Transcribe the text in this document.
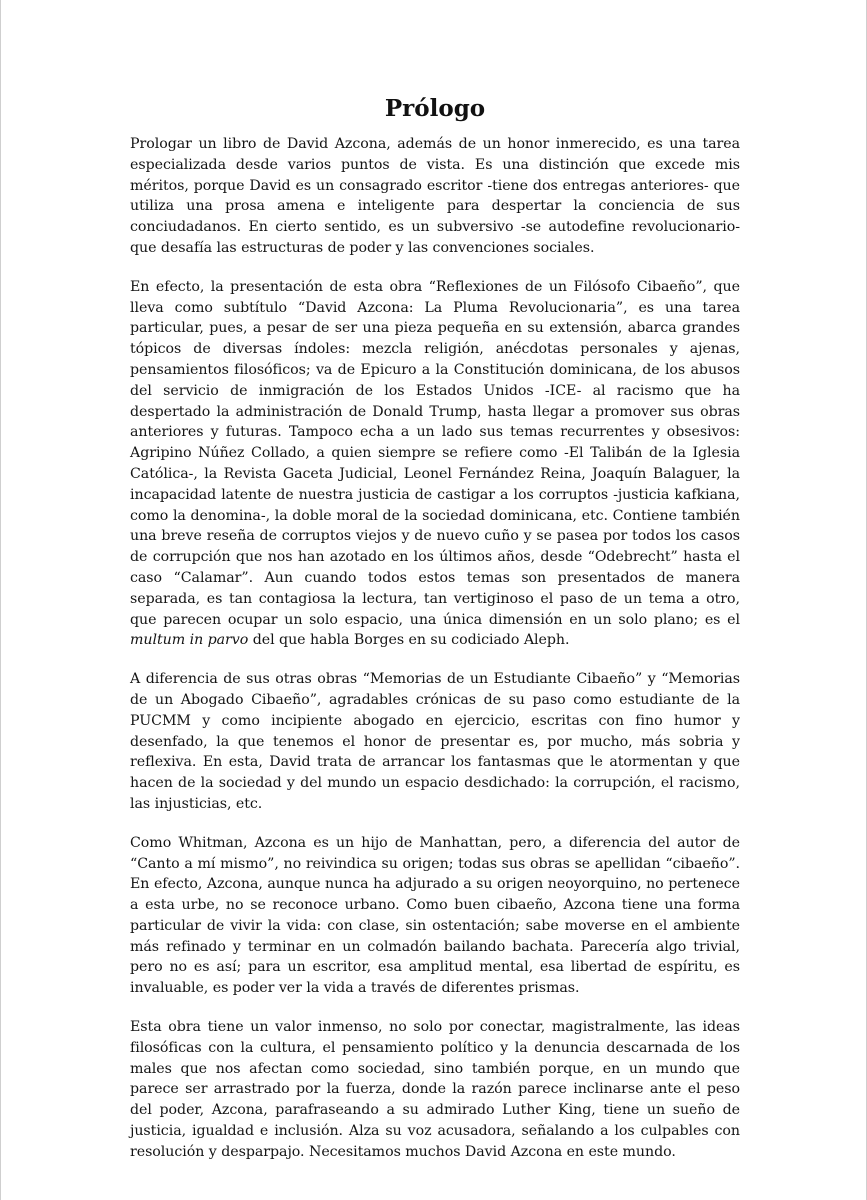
Prólogo

Prologar un libro de David Azcona, además de un honor inmerecido, es una tarea especializada desde varios puntos de vista. Es una distinción que excede mis méritos, porque David es un consagrado escritor -tiene dos entregas anteriores- que utiliza una prosa amena e inteligente para despertar la conciencia de sus conciudadanos. En cierto sentido, es un subversivo -se autodefine revolucionario- que desafía las estructuras de poder y las convenciones sociales.

En efecto, la presentación de esta obra “Reflexiones de un Filósofo Cibaeño”, que lleva como subtítulo “David Azcona: La Pluma Revolucionaria”, es una tarea particular, pues, a pesar de ser una pieza pequeña en su extensión, abarca grandes tópicos de diversas índoles: mezcla religión, anécdotas personales y ajenas, pensamientos filosóficos; va de Epicuro a la Constitución dominicana, de los abusos del servicio de inmigración de los Estados Unidos -ICE- al racismo que ha despertado la administración de Donald Trump, hasta llegar a promover sus obras anteriores y futuras. Tampoco echa a un lado sus temas recurrentes y obsesivos: Agripino Núñez Collado, a quien siempre se refiere como -El Talibán de la Iglesia Católica-, la Revista Gaceta Judicial, Leonel Fernández Reina, Joaquín Balaguer, la incapacidad latente de nuestra justicia de castigar a los corruptos -justicia kafkiana, como la denomina-, la doble moral de la sociedad dominicana, etc. Contiene también una breve reseña de corruptos viejos y de nuevo cuño y se pasea por todos los casos de corrupción que nos han azotado en los últimos años, desde “Odebrecht” hasta el caso “Calamar”. Aun cuando todos estos temas son presentados de manera separada, es tan contagiosa la lectura, tan vertiginoso el paso de un tema a otro, que parecen ocupar un solo espacio, una única dimensión en un solo plano; es el multum in parvo del que habla Borges en su codiciado Aleph.

A diferencia de sus otras obras “Memorias de un Estudiante Cibaeño” y “Memorias de un Abogado Cibaeño”, agradables crónicas de su paso como estudiante de la PUCMM y como incipiente abogado en ejercicio, escritas con fino humor y desenfado, la que tenemos el honor de presentar es, por mucho, más sobria y reflexiva. En esta, David trata de arrancar los fantasmas que le atormentan y que hacen de la sociedad y del mundo un espacio desdichado: la corrupción, el racismo, las injusticias, etc.

Como Whitman, Azcona es un hijo de Manhattan, pero, a diferencia del autor de “Canto a mí mismo”, no reivindica su origen; todas sus obras se apellidan “cibaeño”. En efecto, Azcona, aunque nunca ha adjurado a su origen neoyorquino, no pertenece a esta urbe, no se reconoce urbano. Como buen cibaeño, Azcona tiene una forma particular de vivir la vida: con clase, sin ostentación; sabe moverse en el ambiente más refinado y terminar en un colmadón bailando bachata. Parecería algo trivial, pero no es así; para un escritor, esa amplitud mental, esa libertad de espíritu, es invaluable, es poder ver la vida a través de diferentes prismas.

Esta obra tiene un valor inmenso, no solo por conectar, magistralmente, las ideas filosóficas con la cultura, el pensamiento político y la denuncia descarnada de los males que nos afectan como sociedad, sino también porque, en un mundo que parece ser arrastrado por la fuerza, donde la razón parece inclinarse ante el peso del poder, Azcona, parafraseando a su admirado Luther King, tiene un sueño de justicia, igualdad e inclusión. Alza su voz acusadora, señalando a los culpables con resolución y desparpajo. Necesitamos muchos David Azcona en este mundo.
